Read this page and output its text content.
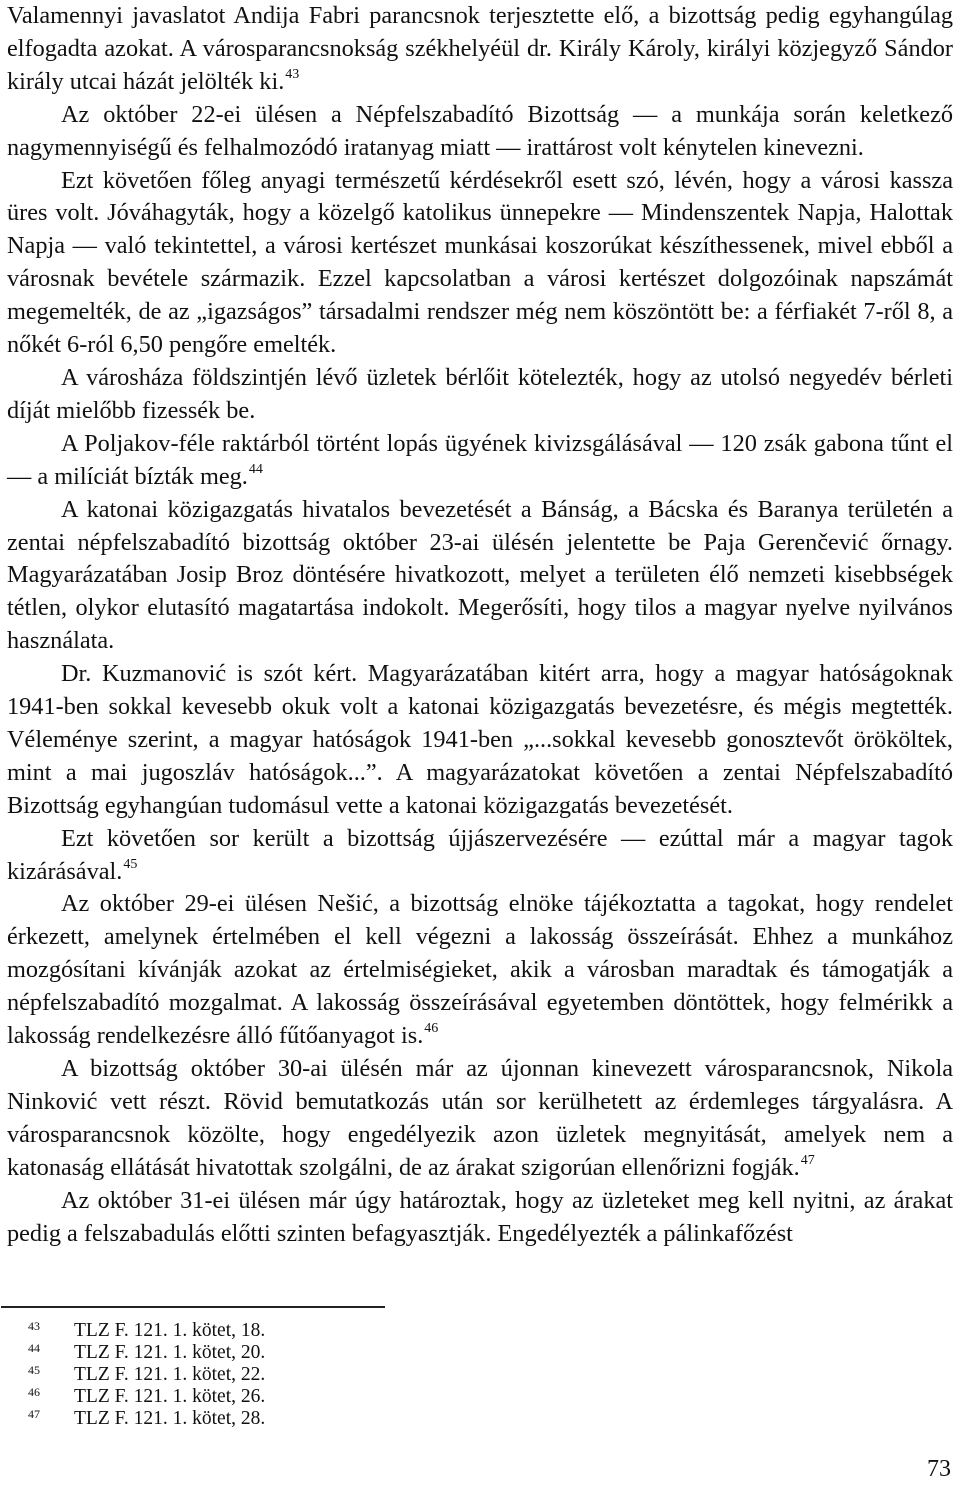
Valamennyi javaslatot Andija Fabri parancsnok terjesztette elő, a bizottság pedig egyhangúlag elfogadta azokat. A városparancsnokság székhelyéül dr. Király Károly, királyi közjegyző Sándor király utcai házát jelölték ki.$^{43}$

Az október 22-ei ülésen a Népfelszabadító Bizottság — a munkája során keletkező nagymennyiségű és felhalmozódó iratanyag miatt — irattárost volt kénytelen kinevezni.

Ezt követően főleg anyagi természetű kérdésekről esett szó, lévén, hogy a városi kassza üres volt. Jóváhagyták, hogy a közelgő katolikus ünnepekre — Mindenszentek Napja, Halottak Napja — való tekintettel, a városi kertészet munkásai koszorúkat készíthessenek, mivel ebből a városnak bevétele származik. Ezzel kapcsolatban a városi kertészet dolgozóinak napszámát megemelték, de az „igazságos” társadalmi rendszer még nem köszöntött be: a férfiakét 7-ről 8, a nőkét 6-ról 6,50 pengőre emelték.

A városháza földszintjén lévő üzletek bérlőit kötelezték, hogy az utolsó negyedév bérleti díját mielőbb fizessék be.

A Poljakov-féle raktárból történt lopás ügyének kivizsgálásával — 120 zsák gabona tűnt el — a milíciát bízták meg.$^{44}$

A katonai közigazgatás hivatalos bevezetését a Bánság, a Bácska és Baranya területén a zentai népfelszabadító bizottság október 23-ai ülésén jelentette be Paja Gerenčević őrnagy. Magyarázatában Josip Broz döntésére hivatkozott, melyet a területen élő nemzeti kisebbségek tétlen, olykor elutasító magatartása indokolt. Megerősíti, hogy tilos a magyar nyelve nyilvános használata.

Dr. Kuzmanović is szót kért. Magyarázatában kitért arra, hogy a magyar hatóságoknak 1941-ben sokkal kevesebb okuk volt a katonai közigazgatás bevezetésre, és mégis megtették. Véleménye szerint, a magyar hatóságok 1941-ben „...sokkal kevesebb gonosztevőt örököltek, mint a mai jugoszláv hatóságok...”. A magyarázatokat követően a zentai Népfelszabadító Bizottság egyhangúan tudomásul vette a katonai közigazgatás bevezetését.

Ezt követően sor került a bizottság újjászervezésére — ezúttal már a magyar tagok kizárásával.$^{45}$

Az október 29-ei ülésen Nešić, a bizottság elnöke tájékoztatta a tagokat, hogy rendelet érkezett, amelynek értelmében el kell végezni a lakosság összeírását. Ehhez a munkához mozgósítani kívánják azokat az értelmiségieket, akik a városban maradtak és támogatják a népfelszabadító mozgalmat. A lakosság összeírásával egyetemben döntöttek, hogy felmérikk a lakosság rendelkezésre álló fűtőanyagot is.$^{46}$

A bizottság október 30-ai ülésén már az újonnan kinevezett városparancsnok, Nikola Ninković vett részt. Rövid bemutatkozás után sor kerülhetett az érdemleges tárgyalásra. A városparancsnok közölte, hogy engedélyezik azon üzletek megnyitását, amelyek nem a katonaság ellátását hivatottak szolgálni, de az árakat szigorúan ellenőrizni fogják.$^{47}$

Az október 31-ei ülésen már úgy határoztak, hogy az üzleteket meg kell nyitni, az árakat pedig a felszabadulás előtti szinten befagyasztják. Engedélyezték a pálinkafőzést

43	TLZ F. 121. 1. kötet, 18.
44	TLZ F. 121. 1. kötet, 20.
45	TLZ F. 121. 1. kötet, 22.
46	TLZ F. 121. 1. kötet, 26.
47	TLZ F. 121. 1. kötet, 28.
73
